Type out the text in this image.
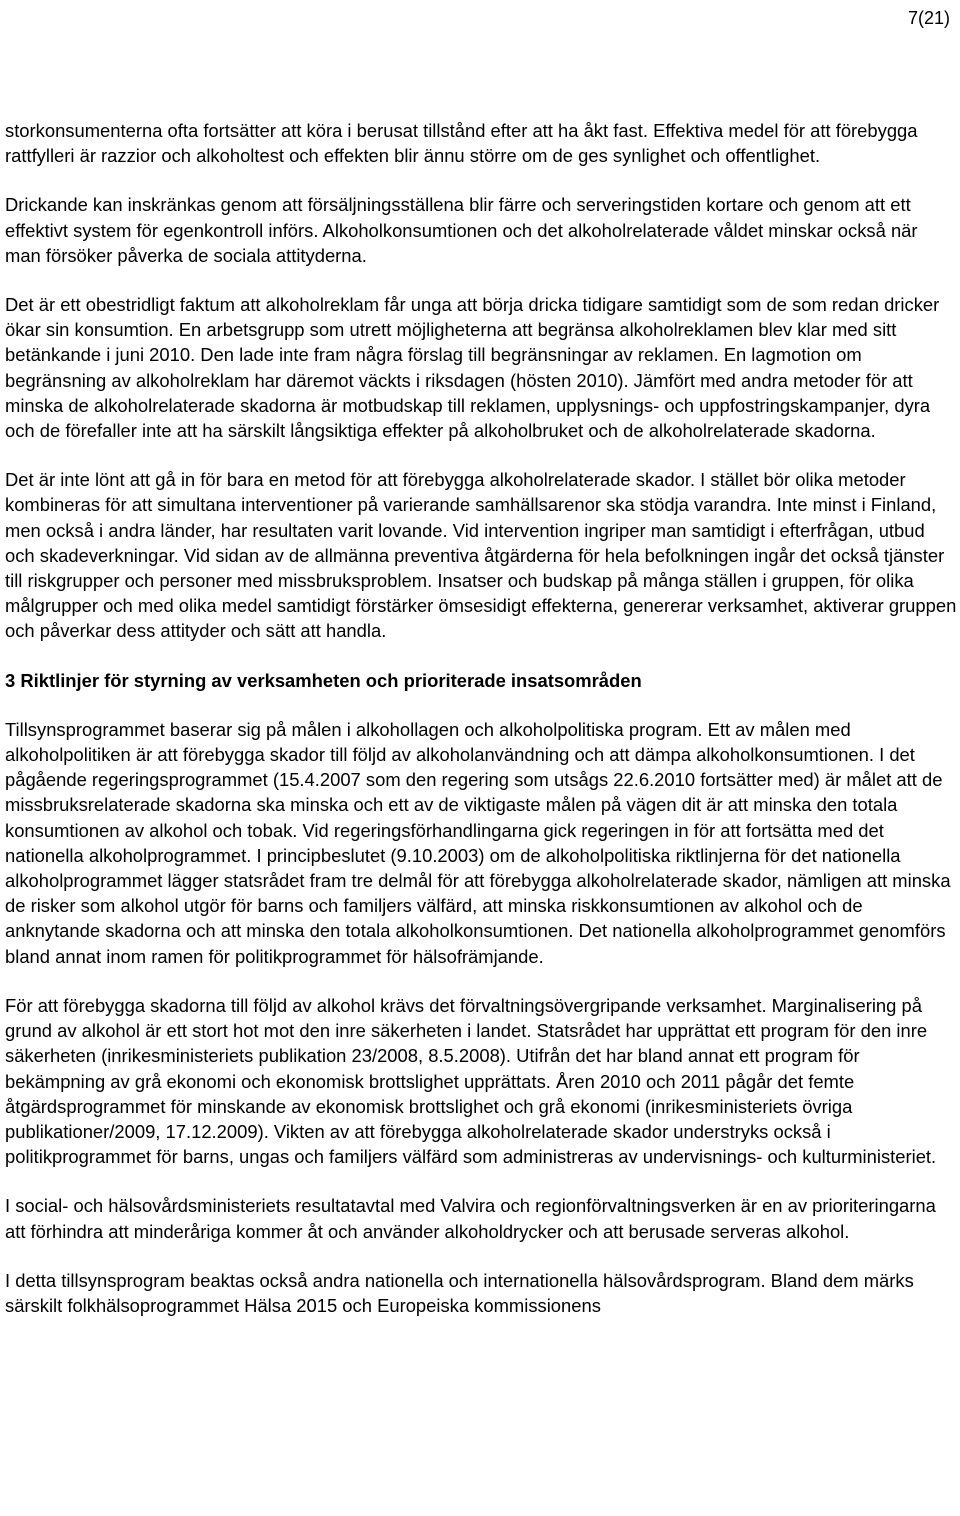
7(21)

storkonsumenterna ofta fortsätter att köra i berusat tillstånd efter att ha åkt fast. Effektiva medel för att förebygga rattfylleri är razzior och alkoholtest och effekten blir ännu större om de ges synlighet och offentlighet.

Drickande kan inskränkas genom att försäljningsställena blir färre och serveringstiden kortare och genom att ett effektivt system för egenkontroll införs. Alkoholkonsumtionen och det alkoholrelaterade våldet minskar också när man försöker påverka de sociala attityderna.

Det är ett obestridligt faktum att alkoholreklam får unga att börja dricka tidigare samtidigt som de som redan dricker ökar sin konsumtion. En arbetsgrupp som utrett möjligheterna att begränsa alkoholreklamen blev klar med sitt betänkande i juni 2010. Den lade inte fram några förslag till begränsningar av reklamen. En lagmotion om begränsning av alkoholreklam har däremot väckts i riksdagen (hösten 2010). Jämfört med andra metoder för att minska de alkoholrelaterade skadorna är motbudskap till reklamen, upplysnings- och uppfostringskampanjer, dyra och de förefaller inte att ha särskilt långsiktiga effekter på alkoholbruket och de alkoholrelaterade skadorna.

Det är inte lönt att gå in för bara en metod för att förebygga alkoholrelaterade skador. I stället bör olika metoder kombineras för att simultana interventioner på varierande samhällsarenor ska stödja varandra. Inte minst i Finland, men också i andra länder, har resultaten varit lovande. Vid intervention ingriper man samtidigt i efterfrågan, utbud och skadeverkningar. Vid sidan av de allmänna preventiva åtgärderna för hela befolkningen ingår det också tjänster till riskgrupper och personer med missbruksproblem. Insatser och budskap på många ställen i gruppen, för olika målgrupper och med olika medel samtidigt förstärker ömsesidigt effekterna, genererar verksamhet, aktiverar gruppen och påverkar dess attityder och sätt att handla.

3 Riktlinjer för styrning av verksamheten och prioriterade insatsområden

Tillsynsprogrammet baserar sig på målen i alkohollagen och alkoholpolitiska program. Ett av målen med alkoholpolitiken är att förebygga skador till följd av alkoholanvändning och att dämpa alkoholkonsumtionen. I det pågående regeringsprogrammet (15.4.2007 som den regering som utsågs 22.6.2010 fortsätter med) är målet att de missbruksrelaterade skadorna ska minska och ett av de viktigaste målen på vägen dit är att minska den totala konsumtionen av alkohol och tobak. Vid regeringsförhandlingarna gick regeringen in för att fortsätta med det nationella alkoholprogrammet. I principbeslutet (9.10.2003) om de alkoholpolitiska riktlinjerna för det nationella alkoholprogrammet lägger statsrådet fram tre delmål för att förebygga alkoholrelaterade skador, nämligen att minska de risker som alkohol utgör för barns och familjers välfärd, att minska riskkonsumtionen av alkohol och de anknytande skadorna och att minska den totala alkoholkonsumtionen. Det nationella alkoholprogrammet genomförs bland annat inom ramen för politikprogrammet för hälsofrämjande.

För att förebygga skadorna till följd av alkohol krävs det förvaltningsövergripande verksamhet. Marginalisering på grund av alkohol är ett stort hot mot den inre säkerheten i landet. Statsrådet har upprättat ett program för den inre säkerheten (inrikesministeriets publikation 23/2008, 8.5.2008). Utifrån det har bland annat ett program för bekämpning av grå ekonomi och ekonomisk brottslighet upprättats. Åren 2010 och 2011 pågår det femte åtgärdsprogrammet för minskande av ekonomisk brottslighet och grå ekonomi (inrikesministeriets övriga publikationer/2009, 17.12.2009). Vikten av att förebygga alkoholrelaterade skador understryks också i politikprogrammet för barns, ungas och familjers välfärd som administreras av undervisnings- och kulturministeriet.

I social- och hälsovårdsministeriets resultatavtal med Valvira och regionförvaltningsverken är en av prioriteringarna att förhindra att minderåriga kommer åt och använder alkoholdrycker och att berusade serveras alkohol.

I detta tillsynsprogram beaktas också andra nationella och internationella hälsovårdsprogram. Bland dem märks särskilt folkhälsoprogrammet Hälsa 2015 och Europeiska kommissionens
